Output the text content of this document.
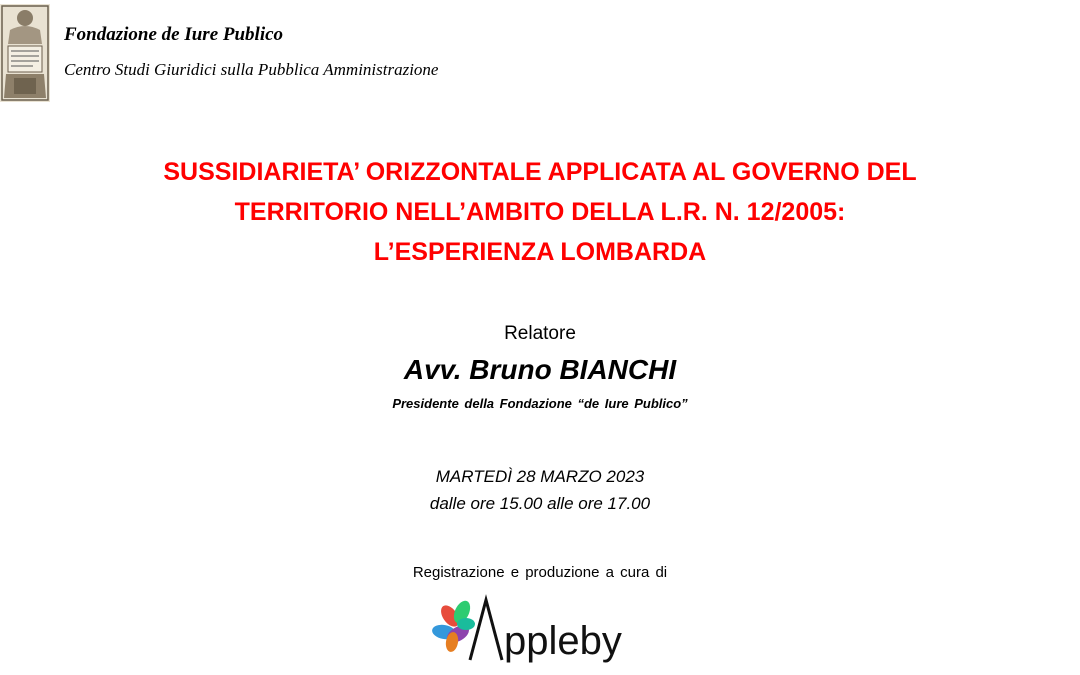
Fondazione de Iure Publico
Centro Studi Giuridici sulla Pubblica Amministrazione
SUSSIDIARIETA’ ORIZZONTALE APPLICATA AL GOVERNO DEL
TERRITORIO NELL’AMBITO DELLA L.R. N. 12/2005:
L’ESPERIENZA LOMBARDA
Relatore
Avv. Bruno BIANCHI
Presidente della Fondazione “de Iure Publico”
MARTEDÌ 28 MARZO 2023
dalle ore 15.00 alle ore 17.00
Registrazione e produzione a cura di
ppleby
